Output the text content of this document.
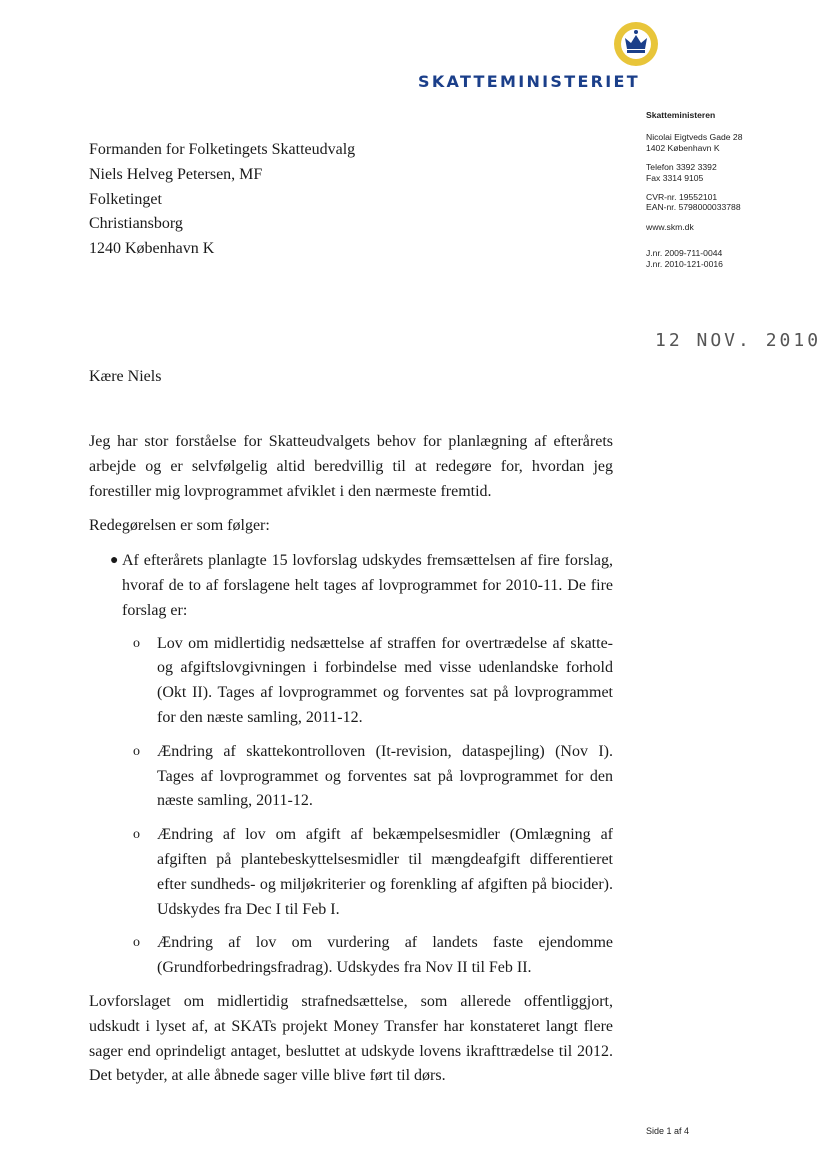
SKATTEMINISTERIET
Skatteministeren
Nicolai Eigtveds Gade 28
1402 København K
Telefon 3392 3392
Fax 3314 9105
CVR-nr. 19552101
EAN-nr. 5798000033788
www.skm.dk
J.nr. 2009-711-0044
J.nr. 2010-121-0016
12 NOV. 2010
Formanden for Folketingets Skatteudvalg
Niels Helveg Petersen, MF
Folketinget
Christiansborg
1240 København K
Kære Niels

Jeg har stor forståelse for Skatteudvalgets behov for planlægning af efterårets arbejde og er selvfølgelig altid beredvillig til at redegøre for, hvordan jeg forestiller mig lovprogrammet afviklet i den nærmeste fremtid.

Redegørelsen er som følger:

● Af efterårets planlagte 15 lovforslag udskydes fremsættelsen af fire forslag, hvoraf de to af forslagene helt tages af lovprogrammet for 2010-11. De fire forslag er:
o Lov om midlertidig nedsættelse af straffen for overtrædelse af skatte- og afgiftslovgivningen i forbindelse med visse udenlandske forhold (Okt II). Tages af lovprogrammet og forventes sat på lovprogrammet for den næste samling, 2011-12.
o Ændring af skattekontrolloven (It-revision, dataspejling) (Nov I). Tages af lovprogrammet og forventes sat på lovprogrammet for den næste samling, 2011-12.
o Ændring af lov om afgift af bekæmpelsesmidler (Omlægning af afgiften på plantebeskyttelsesmidler til mængdeafgift differentieret efter sundheds- og miljøkriterier og forenkling af afgiften på biocider). Udskydes fra Dec I til Feb I.
o Ændring af lov om vurdering af landets faste ejendomme (Grundforbedringsfradrag). Udskydes fra Nov II til Feb II.

Lovforslaget om midlertidig strafnedsættelse, som allerede offentliggjort, udskudt i lyset af, at SKATs projekt Money Transfer har konstateret langt flere sager end oprindeligt antaget, besluttet at udskyde lovens ikrafttrædelse til 2012. Det betyder, at alle åbnede sager ville blive ført til dørs.

Side 1 af 4
